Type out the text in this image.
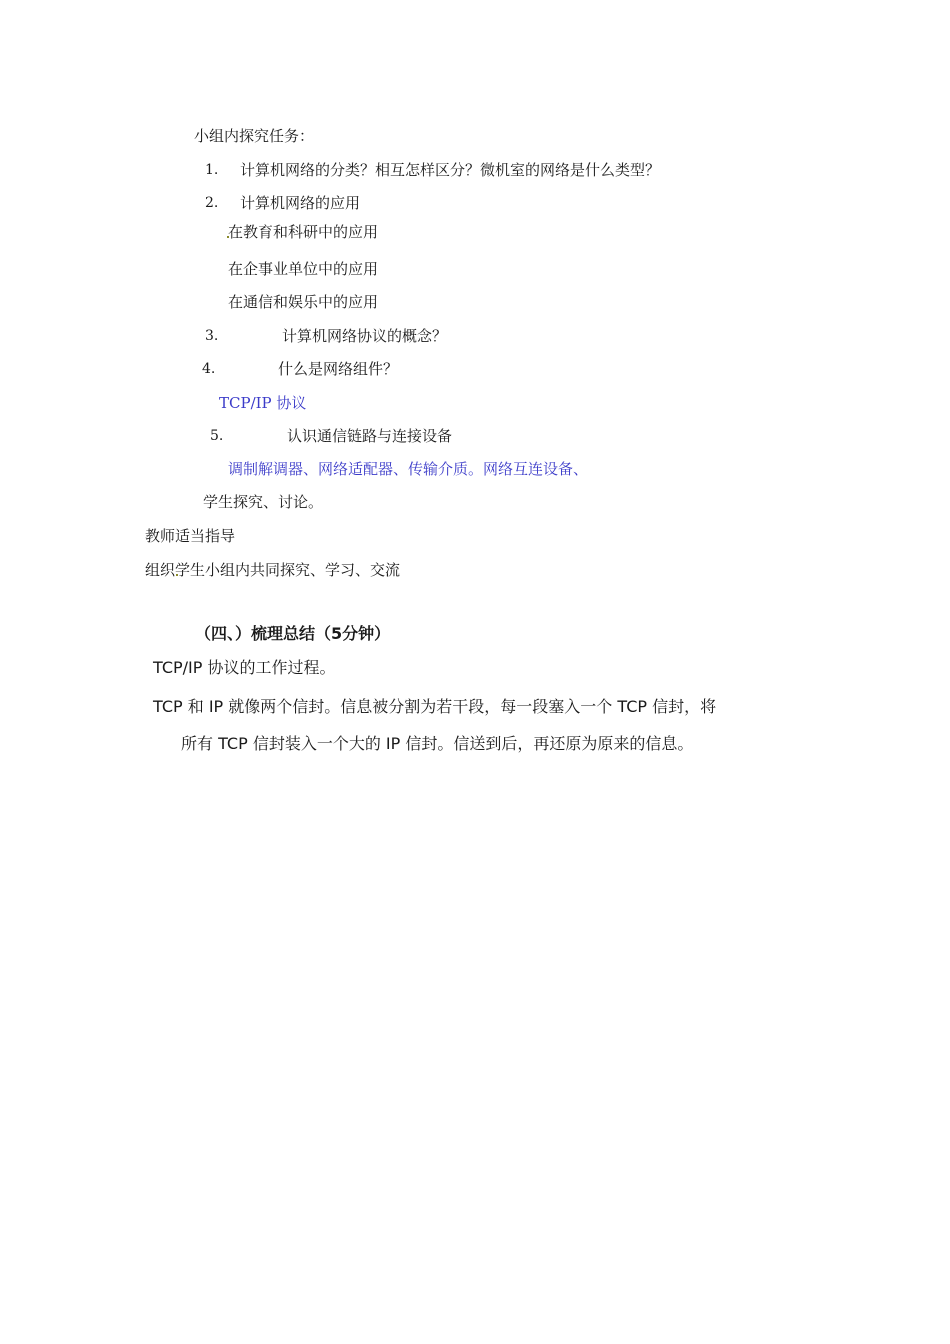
小组内探究任务：
1. 计算机网络的分类？相互怎样区分？微机室的网络是什么类型？
2. 计算机网络的应用
在教育和科研中的应用
在企事业单位中的应用
在通信和娱乐中的应用
3.	计算机网络协议的概念？
4.	什么是网络组件？
TCP/IP 协议
5.	认识通信链路与连接设备
调制解调器、网络适配器、传输介质。网络互连设备、
学生探究、讨论。
教师适当指导
组织学生小组内共同探究、学习、交流
（四、）梳理总结（5分钟）
TCP/IP 协议的工作过程。
TCP 和 IP 就像两个信封。信息被分割为若干段，每一段塞入一个 TCP 信封，将
所有 TCP 信封装入一个大的 IP 信封。信送到后，再还原为原来的信息。
